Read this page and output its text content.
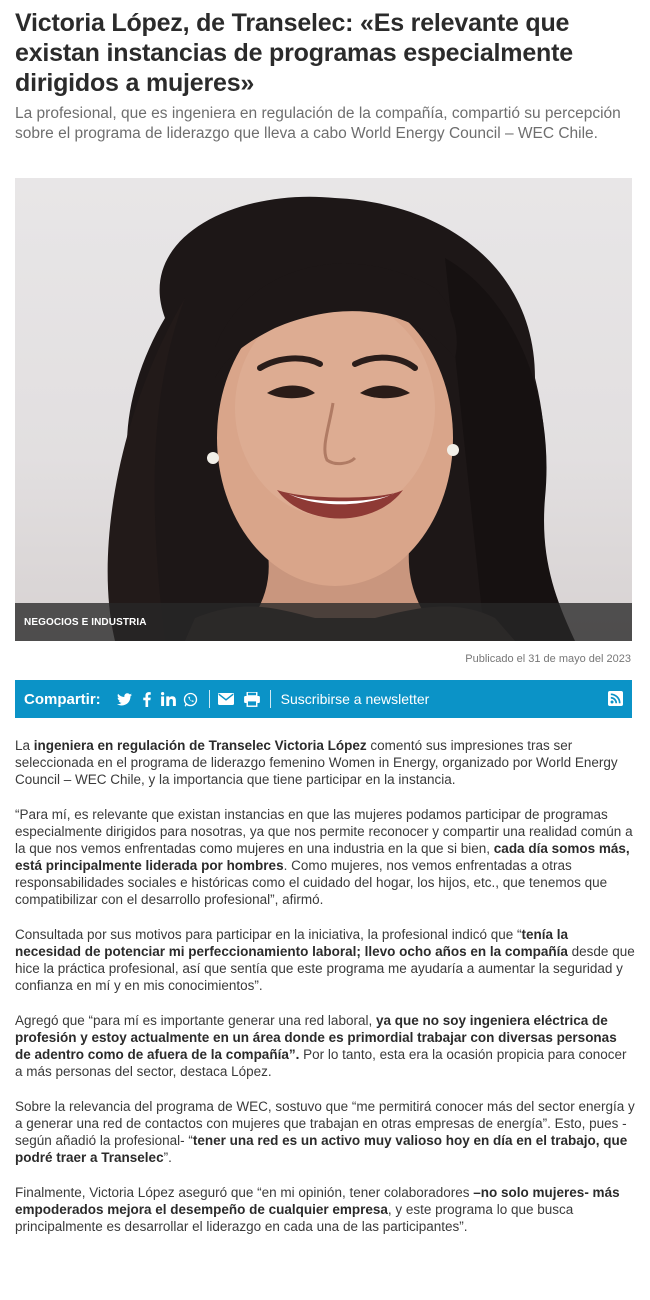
Victoria López, de Transelec: «Es relevante que existan instancias de programas especialmente dirigidos a mujeres»
La profesional, que es ingeniera en regulación de la compañía, compartió su percepción sobre el programa de liderazgo que lleva a cabo World Energy Council – WEC Chile.
NEGOCIOS E INDUSTRIA
Publicado el 31 de mayo del 2023
Compartir:	Suscribirse a newsletter

La ingeniera en regulación de Transelec Victoria López comentó sus impresiones tras ser seleccionada en el programa de liderazgo femenino Women in Energy, organizado por World Energy Council – WEC Chile, y la importancia que tiene participar en la instancia.

“Para mí, es relevante que existan instancias en que las mujeres podamos participar de programas especialmente dirigidos para nosotras, ya que nos permite reconocer y compartir una realidad común a la que nos vemos enfrentadas como mujeres en una industria en la que si bien, cada día somos más, está principalmente liderada por hombres. Como mujeres, nos vemos enfrentadas a otras responsabilidades sociales e históricas como el cuidado del hogar, los hijos, etc., que tenemos que compatibilizar con el desarrollo profesional”, afirmó.

Consultada por sus motivos para participar en la iniciativa, la profesional indicó que “tenía la necesidad de potenciar mi perfeccionamiento laboral; llevo ocho años en la compañía desde que hice la práctica profesional, así que sentía que este programa me ayudaría a aumentar la seguridad y confianza en mí y en mis conocimientos”.

Agregó que “para mí es importante generar una red laboral, ya que no soy ingeniera eléctrica de profesión y estoy actualmente en un área donde es primordial trabajar con diversas personas de adentro como de afuera de la compañía”. Por lo tanto, esta era la ocasión propicia para conocer a más personas del sector, destaca López.

Sobre la relevancia del programa de WEC, sostuvo que “me permitirá conocer más del sector energía y a generar una red de contactos con mujeres que trabajan en otras empresas de energía”. Esto, pues -según añadió la profesional- “tener una red es un activo muy valioso hoy en día en el trabajo, que podré traer a Transelec”.

Finalmente, Victoria López aseguró que “en mi opinión, tener colaboradores –no solo mujeres- más empoderados mejora el desempeño de cualquier empresa, y este programa lo que busca principalmente es desarrollar el liderazgo en cada una de las participantes”.
